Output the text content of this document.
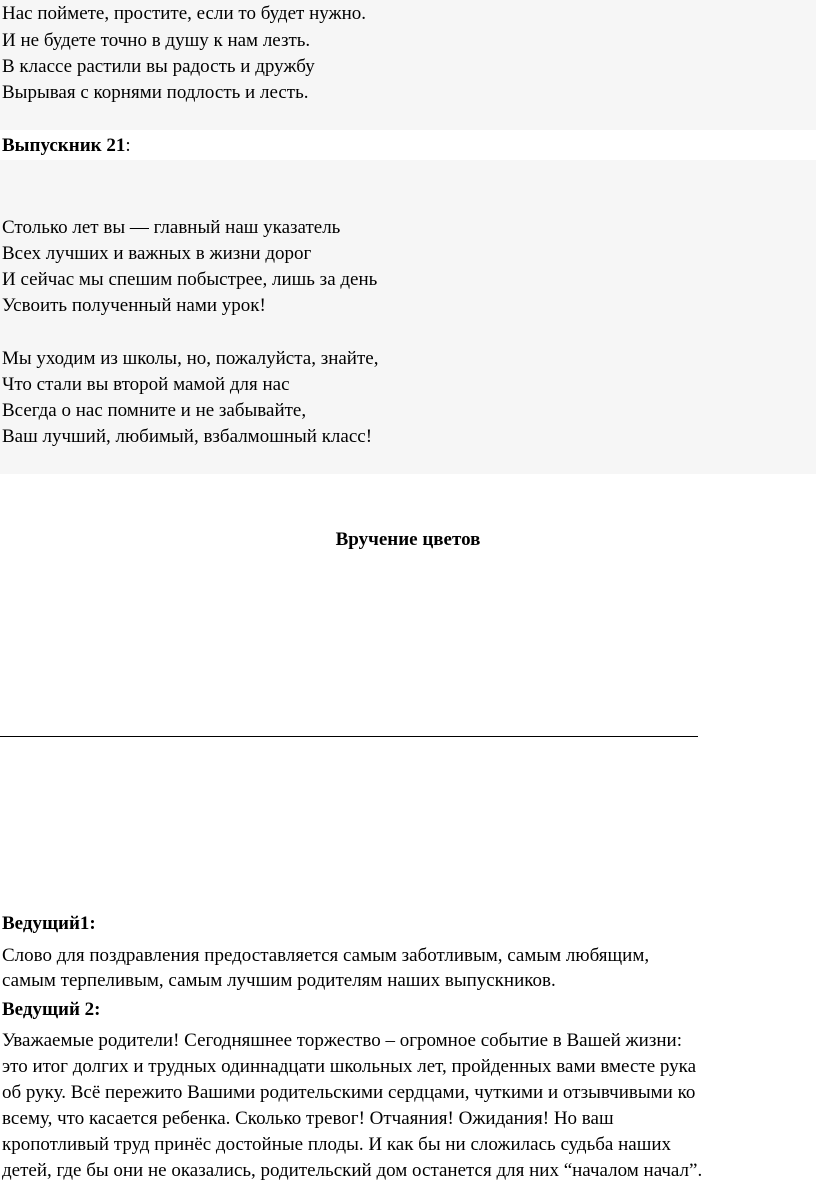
Нас поймете, простите, если то будет нужно.
И не будете точно в душу к нам лезть.
В классе растили вы радость и дружбу
Вырывая с корнями подлость и лесть.
Выпускник 21:
Столько лет вы — главный наш указатель
Всех лучших и важных в жизни дорог
И сейчас мы спешим побыстрее, лишь за день
Усвоить полученный нами урок!
Мы уходим из школы, но, пожалуйста, знайте,
Что стали вы второй мамой для нас
Всегда о нас помните и не забывайте,
Ваш лучший, любимый, взбалмошный класс!
Вручение цветов
Ведущий1:
Слово для поздравления предоставляется самым заботливым, самым любящим,
самым терпеливым, самым лучшим родителям наших выпускников.
Ведущий 2:
Уважаемые родители! Сегодняшнее торжество – огромное событие в Вашей жизни:
это итог долгих и трудных одиннадцати школьных лет, пройденных вами вместе рука
об руку. Всё пережито Вашими родительскими сердцами, чуткими и отзывчивыми ко
всему, что касается ребенка. Сколько тревог! Отчаяния! Ожидания! Но ваш
кропотливый труд принёс достойные плоды. И как бы ни сложилась судьба наших
детей, где бы они не оказались, родительский дом останется для них “началом начал”.
